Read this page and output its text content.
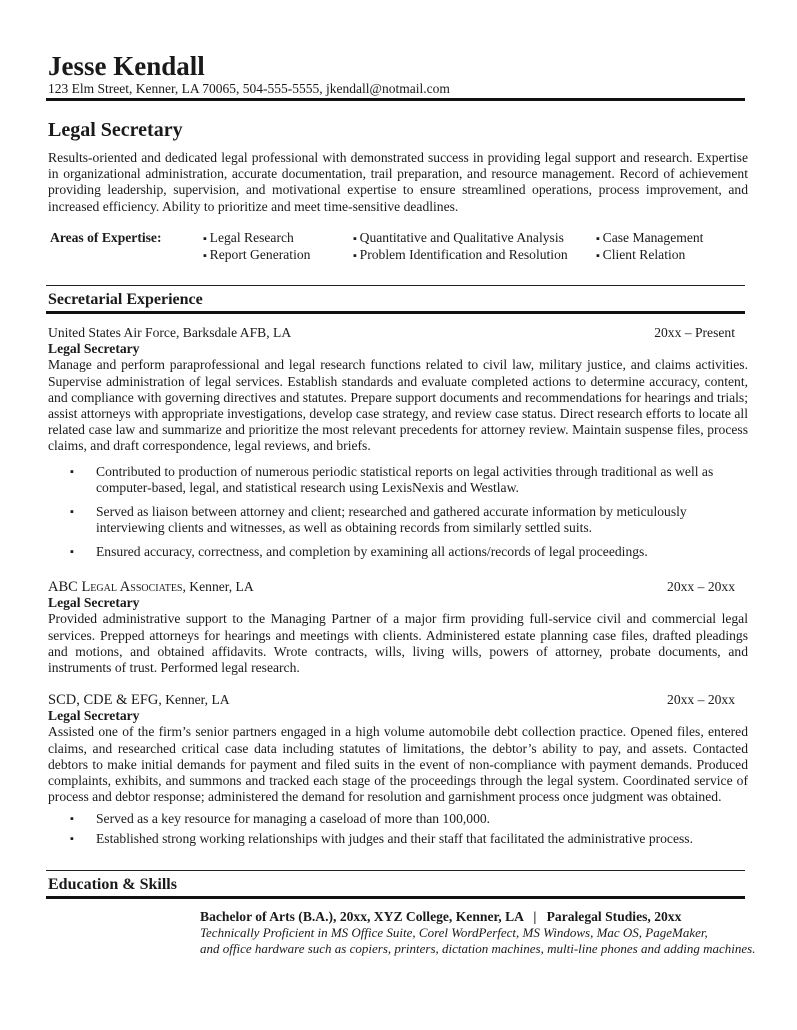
Jesse Kendall
123 Elm Street, Kenner, LA 70065, 504-555-5555, jkendall@notmail.com
Legal Secretary
Results-oriented and dedicated legal professional with demonstrated success in providing legal support and research. Expertise in organizational administration, accurate documentation, trail preparation, and resource management. Record of achievement providing leadership, supervision, and motivational expertise to ensure streamlined operations, process improvement, and increased efficiency. Ability to prioritize and meet time-sensitive deadlines.
Areas of Expertise:
▪	Legal Research
▪ Report Generation
▪ Quantitative and Qualitative Analysis
▪ Problem Identification and Resolution
▪ Case Management
▪ Client Relation
Secretarial Experience
United States Air Force, Barksdale AFB, LA	20xx – Present
Legal Secretary
Manage and perform paraprofessional and legal research functions related to civil law, military justice, and claims activities. Supervise administration of legal services. Establish standards and evaluate completed actions to determine accuracy, content, and compliance with governing directives and statutes. Prepare support documents and recommendations for hearings and trials; assist attorneys with appropriate investigations, develop case strategy, and review case status. Direct research efforts to locate all related case law and summarize and prioritize the most relevant precedents for attorney review. Maintain suspense files, process claims, and draft correspondence, legal reviews, and briefs.
▪ Contributed to production of numerous periodic statistical reports on legal activities through traditional as well as computer-based, legal, and statistical research using LexisNexis and Westlaw.
▪ Served as liaison between attorney and client; researched and gathered accurate information by meticulously interviewing clients and witnesses, as well as obtaining records from similarly settled suits.
▪ Ensured accuracy, correctness, and completion by examining all actions/records of legal proceedings.
ABC Legal Associates, Kenner, LA	20xx – 20xx
Legal Secretary
Provided administrative support to the Managing Partner of a major firm providing full-service civil and commercial legal services. Prepped attorneys for hearings and meetings with clients. Administered estate planning case files, drafted pleadings and motions, and obtained affidavits. Wrote contracts, wills, living wills, powers of attorney, probate documents, and instruments of trust. Performed legal research.
SCD, CDE & EFG, Kenner, LA	20xx – 20xx
Legal Secretary
Assisted one of the firm’s senior partners engaged in a high volume automobile debt collection practice. Opened files, entered claims, and researched critical case data including statutes of limitations, the debtor’s ability to pay, and assets. Contacted debtors to make initial demands for payment and filed suits in the event of non-compliance with payment demands. Produced complaints, exhibits, and summons and tracked each stage of the proceedings through the legal system. Coordinated service of process and debtor response; administered the demand for resolution and garnishment process once judgment was obtained.
▪ Served as a key resource for managing a caseload of more than 100,000.
▪ Established strong working relationships with judges and their staff that facilitated the administrative process.
Education & Skills
Bachelor of Arts (B.A.), 20xx, XYZ College, Kenner, LA   |   Paralegal Studies, 20xx
Technically Proficient in MS Office Suite, Corel WordPerfect, MS Windows, Mac OS, PageMaker,
and office hardware such as copiers, printers, dictation machines, multi-line phones and adding machines.
